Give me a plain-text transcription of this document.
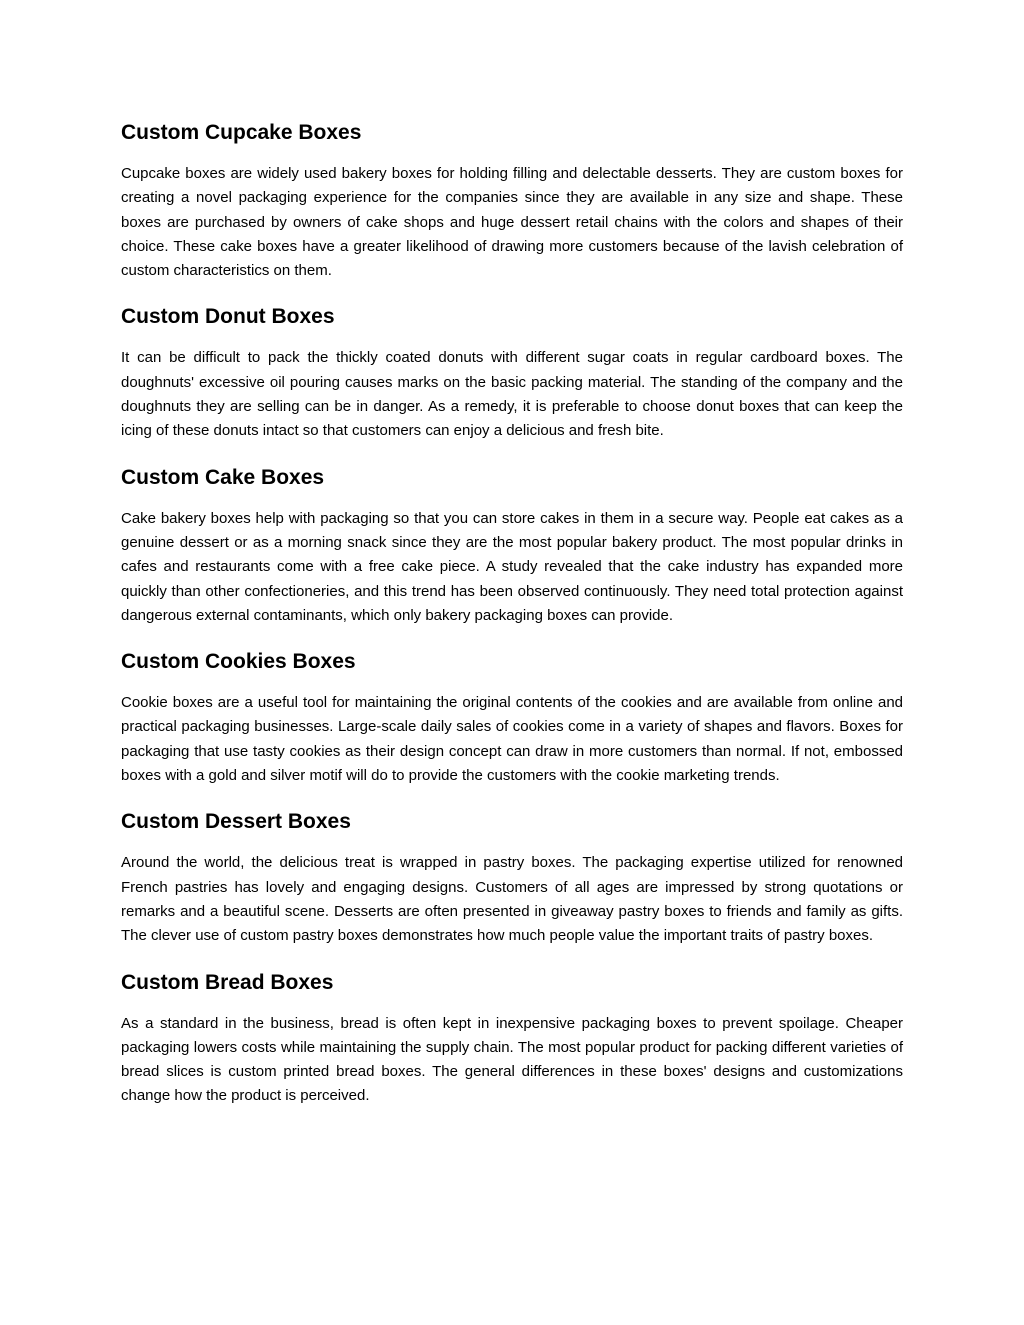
Custom Cupcake Boxes

Cupcake boxes are widely used bakery boxes for holding filling and delectable desserts. They are custom boxes for creating a novel packaging experience for the companies since they are available in any size and shape. These boxes are purchased by owners of cake shops and huge dessert retail chains with the colors and shapes of their choice. These cake boxes have a greater likelihood of drawing more customers because of the lavish celebration of custom characteristics on them.

Custom Donut Boxes

It can be difficult to pack the thickly coated donuts with different sugar coats in regular cardboard boxes. The doughnuts' excessive oil pouring causes marks on the basic packing material. The standing of the company and the doughnuts they are selling can be in danger. As a remedy, it is preferable to choose donut boxes that can keep the icing of these donuts intact so that customers can enjoy a delicious and fresh bite.

Custom Cake Boxes

Cake bakery boxes help with packaging so that you can store cakes in them in a secure way. People eat cakes as a genuine dessert or as a morning snack since they are the most popular bakery product. The most popular drinks in cafes and restaurants come with a free cake piece. A study revealed that the cake industry has expanded more quickly than other confectioneries, and this trend has been observed continuously. They need total protection against dangerous external contaminants, which only bakery packaging boxes can provide.

Custom Cookies Boxes

Cookie boxes are a useful tool for maintaining the original contents of the cookies and are available from online and practical packaging businesses. Large-scale daily sales of cookies come in a variety of shapes and flavors. Boxes for packaging that use tasty cookies as their design concept can draw in more customers than normal. If not, embossed boxes with a gold and silver motif will do to provide the customers with the cookie marketing trends.

Custom Dessert Boxes

Around the world, the delicious treat is wrapped in pastry boxes. The packaging expertise utilized for renowned French pastries has lovely and engaging designs. Customers of all ages are impressed by strong quotations or remarks and a beautiful scene. Desserts are often presented in giveaway pastry boxes to friends and family as gifts. The clever use of custom pastry boxes demonstrates how much people value the important traits of pastry boxes.

Custom Bread Boxes

As a standard in the business, bread is often kept in inexpensive packaging boxes to prevent spoilage. Cheaper packaging lowers costs while maintaining the supply chain. The most popular product for packing different varieties of bread slices is custom printed bread boxes. The general differences in these boxes' designs and customizations change how the product is perceived.
